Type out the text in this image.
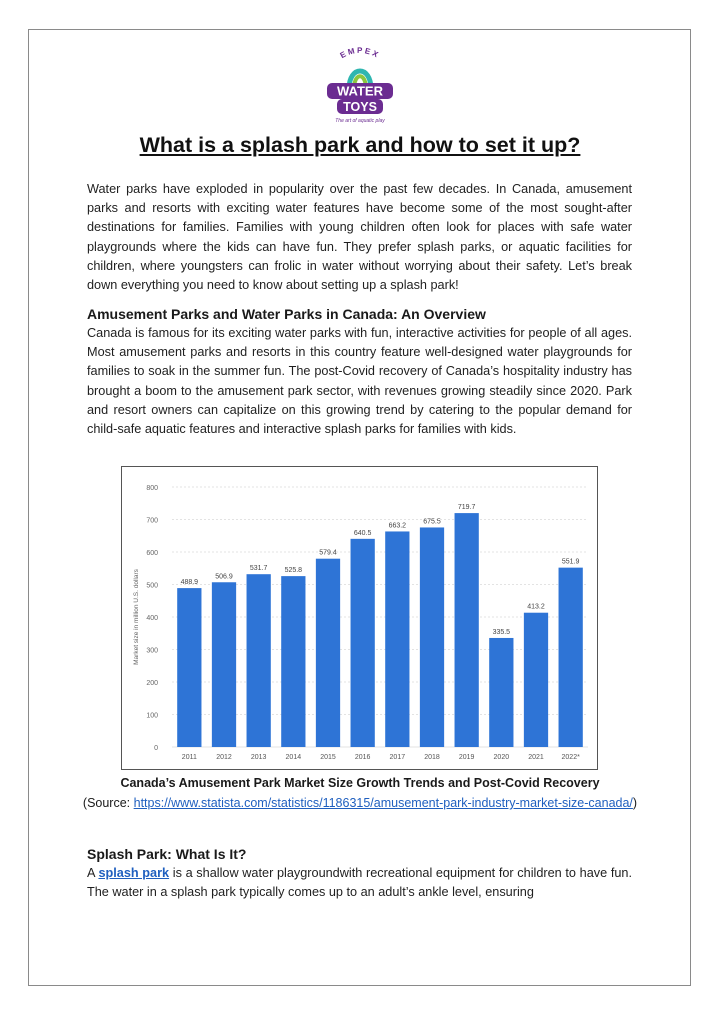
EMPEX
WATER
TOYS
The art of aquatic play
What is a splash park and how to set it up?

Water parks have exploded in popularity over the past few decades. In Canada, amusement parks and resorts with exciting water features have become some of the most sought-after destinations for families. Families with young children often look for places with safe water playgrounds where the kids can have fun. They prefer splash parks, or aquatic facilities for children, where youngsters can frolic in water without worrying about their safety. Let’s break down everything you need to know about setting up a splash park!

Amusement Parks and Water Parks in Canada: An Overview

Canada is famous for its exciting water parks with fun, interactive activities for people of all ages. Most amusement parks and resorts in this country feature well-designed water playgrounds for families to soak in the summer fun. The post-Covid recovery of Canada’s hospitality industry has brought a boom to the amusement park sector, with revenues growing steadily since 2020. Park and resort owners can capitalize on this growing trend by catering to the popular demand for child-safe aquatic features and interactive splash parks for families with kids.

0
100
200
300
400
500
600
700
800
Market size in million U.S. dollars	488.9
2011
506.9
2012
531.7
2013
525.8
2014
579.4
2015
640.5
2016
663.2
2017
675.5
2018
719.7
2019
335.5
2020
413.2
2021
551.9
2022*

Canada’s Amusement Park Market Size Growth Trends and Post-Covid Recovery

(Source: https://www.statista.com/statistics/1186315/amusement-park-industry-market-size-canada/)

Splash Park: What Is It?

A splash park is a shallow water playgroundwith recreational equipment for children to have fun. The water in a splash park typically comes up to an adult’s ankle level, ensuring
